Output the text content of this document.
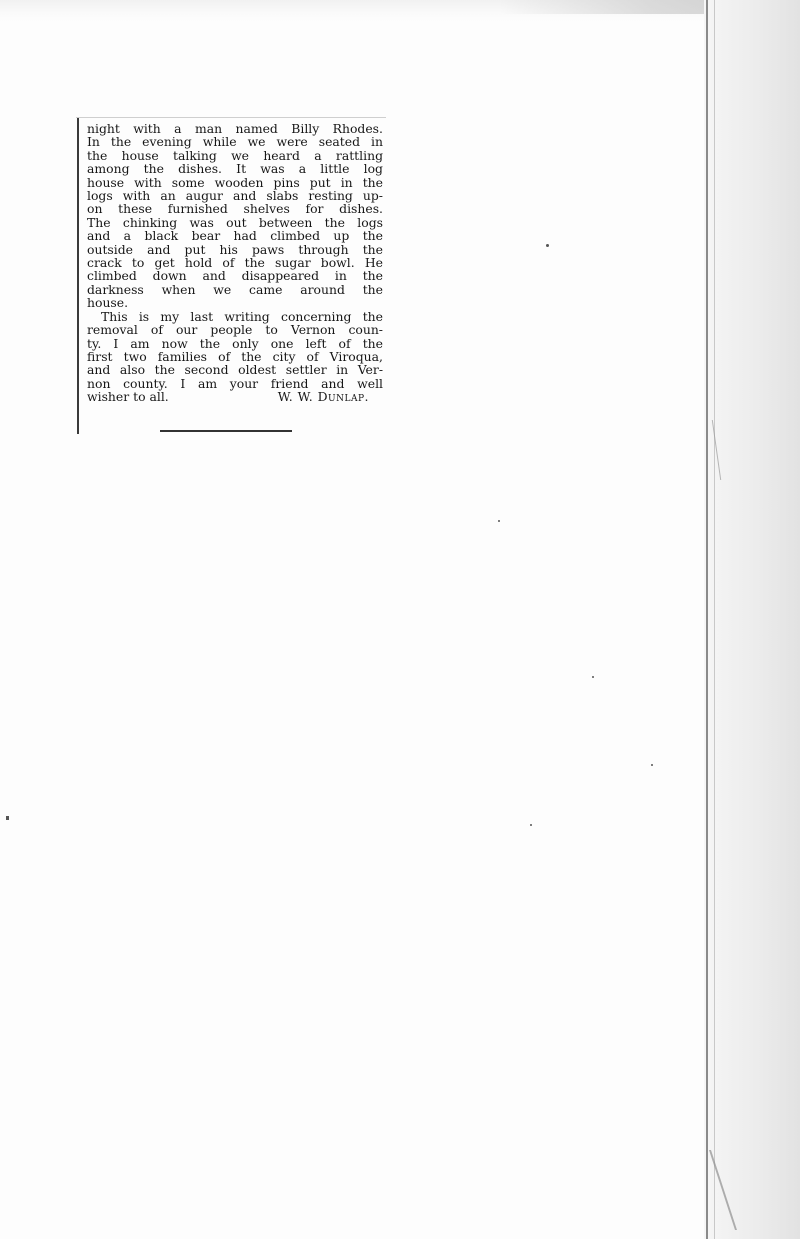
night with a man named Billy Rhodes.
In the evening while we were seated in
the house talking we heard a rattling
among the dishes. It was a little log
house with some wooden pins put in the
logs with an augur and slabs resting up-
on these furnished shelves for dishes.
The chinking was out between the logs
and a black bear had climbed up the
outside and put his paws through the
crack to get hold of the sugar bowl. He
climbed down and disappeared in the
darkness when we came around the
house.

This is my last writing concerning the
removal of our people to Vernon coun-
ty. I am now the only one left of the
first two families of the city of Viroqua,
and also the second oldest settler in Ver-
non county. I am your friend and well
wisher to all.	W. W. Dunlap.
